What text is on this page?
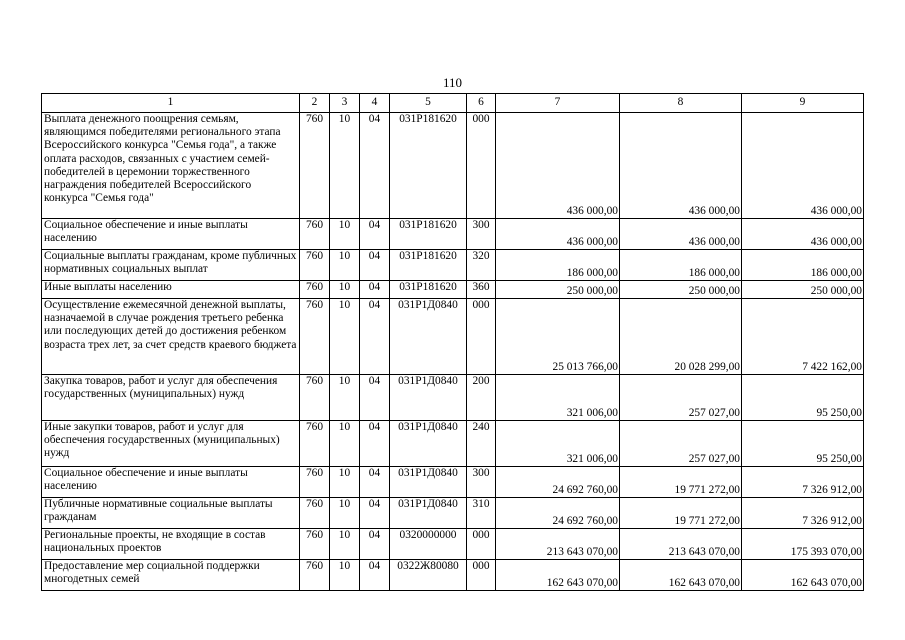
110
1	2	3	4	5	6	7	8	9
Выплата денежного поощрения семьям, являющимся победителями регионального этапа Всероссийского конкурса "Семья года", а также оплата расходов, связанных с участием семей-победителей в церемонии торжественного награждения победителей Всероссийского конкурса "Семья года"	760	10	04	031P181620	000	436 000,00	436 000,00	436 000,00
Социальное обеспечение и иные выплаты населению	760	10	04	031P181620	300	436 000,00	436 000,00	436 000,00
Социальные выплаты гражданам, кроме публичных нормативных социальных выплат	760	10	04	031P181620	320	186 000,00	186 000,00	186 000,00
Иные выплаты населению	760	10	04	031P181620	360	250 000,00	250 000,00	250 000,00
Осуществление ежемесячной денежной выплаты, назначаемой в случае рождения третьего ребенка или последующих детей до достижения ребенком возраста трех лет, за счет средств краевого бюджета	760	10	04	031P1Д0840	000	25 013 766,00	20 028 299,00	7 422 162,00
Закупка товаров, работ и услуг для обеспечения государственных (муниципальных) нужд	760	10	04	031P1Д0840	200	321 006,00	257 027,00	95 250,00
Иные закупки товаров, работ и услуг для обеспечения государственных (муниципальных) нужд	760	10	04	031P1Д0840	240	321 006,00	257 027,00	95 250,00
Социальное обеспечение и иные выплаты населению	760	10	04	031P1Д0840	300	24 692 760,00	19 771 272,00	7 326 912,00
Публичные нормативные социальные выплаты гражданам	760	10	04	031P1Д0840	310	24 692 760,00	19 771 272,00	7 326 912,00
Региональные проекты, не входящие в состав национальных проектов	760	10	04	0320000000	000	213 643 070,00	213 643 070,00	175 393 070,00
Предоставление мер социальной поддержки многодетных семей	760	10	04	0322Ж80080	000	162 643 070,00	162 643 070,00	162 643 070,00
